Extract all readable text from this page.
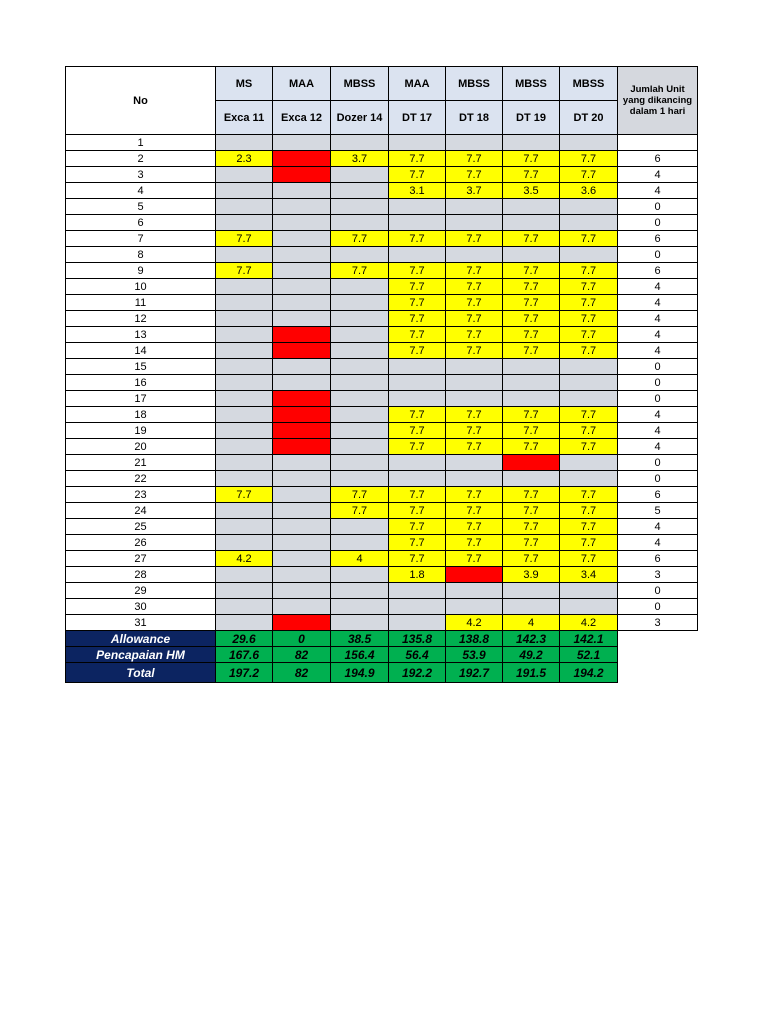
No	MS	MAA	MBSS	MAA	MBSS	MBSS	MBSS	Jumlah Unit yang dikancing dalam 1 hari
	Exca 11	Exca 12	Dozer 14	DT 17	DT 18	DT 19	DT 20	
1								
2	2.3		3.7	7.7	7.7	7.7	7.7	6
3				7.7	7.7	7.7	7.7	4
4				3.1	3.7	3.5	3.6	4
5								0
6								0
7	7.7		7.7	7.7	7.7	7.7	7.7	6
8								0
9	7.7		7.7	7.7	7.7	7.7	7.7	6
10				7.7	7.7	7.7	7.7	4
11				7.7	7.7	7.7	7.7	4
12				7.7	7.7	7.7	7.7	4
13				7.7	7.7	7.7	7.7	4
14				7.7	7.7	7.7	7.7	4
15								0
16								0
17								0
18				7.7	7.7	7.7	7.7	4
19				7.7	7.7	7.7	7.7	4
20				7.7	7.7	7.7	7.7	4
21								0
22								0
23	7.7		7.7	7.7	7.7	7.7	7.7	6
24			7.7	7.7	7.7	7.7	7.7	5
25				7.7	7.7	7.7	7.7	4
26				7.7	7.7	7.7	7.7	4
27	4.2		4	7.7	7.7	7.7	7.7	6
28				1.8		3.9	3.4	3
29								0
30								0
31					4.2	4	4.2	3
Allowance	29.6	0	38.5	135.8	138.8	142.3	142.1	
Pencapaian HM	167.6	82	156.4	56.4	53.9	49.2	52.1	
Total	197.2	82	194.9	192.2	192.7	191.5	194.2	
